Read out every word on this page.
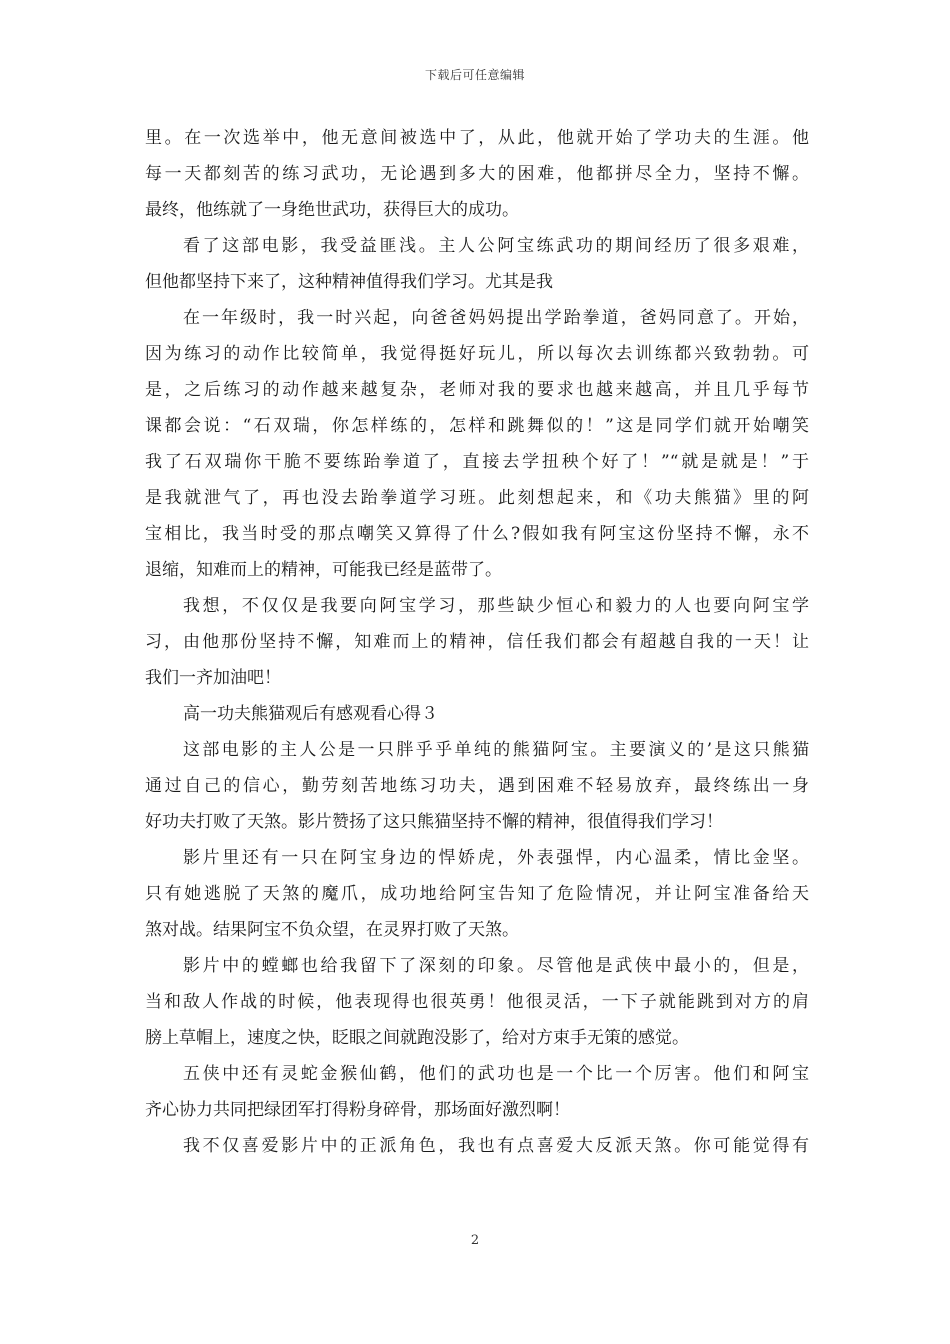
下载后可任意编辑
里。在一次选举中，他无意间被选中了，从此，他就开始了学功夫的生涯。他
每一天都刻苦的练习武功，无论遇到多大的困难，他都拼尽全力，坚持不懈。
最终，他练就了一身绝世武功，获得巨大的成功。
看了这部电影，我受益匪浅。主人公阿宝练武功的期间经历了很多艰难，
但他都坚持下来了，这种精神值得我们学习。尤其是我
在一年级时，我一时兴起，向爸爸妈妈提出学跆拳道，爸妈同意了。开始，
因为练习的动作比较简单，我觉得挺好玩儿，所以每次去训练都兴致勃勃。可
是，之后练习的动作越来越复杂，老师对我的要求也越来越高，并且几乎每节
课都会说：“石双瑞，你怎样练的，怎样和跳舞似的！”这是同学们就开始嘲笑
我了石双瑞你干脆不要练跆拳道了，直接去学扭秧个好了！”“就是就是！”于
是我就泄气了，再也没去跆拳道学习班。此刻想起来，和《功夫熊猫》里的阿
宝相比，我当时受的那点嘲笑又算得了什么?假如我有阿宝这份坚持不懈，永不
退缩，知难而上的精神，可能我已经是蓝带了。
我想，不仅仅是我要向阿宝学习，那些缺少恒心和毅力的人也要向阿宝学
习，由他那份坚持不懈，知难而上的精神，信任我们都会有超越自我的一天！让
我们一齐加油吧！
高一功夫熊猫观后有感观看心得３
这部电影的主人公是一只胖乎乎单纯的熊猫阿宝。主要演义的’是这只熊猫
通过自己的信心，勤劳刻苦地练习功夫，遇到困难不轻易放弃，最终练出一身
好功夫打败了天煞。影片赞扬了这只熊猫坚持不懈的精神，很值得我们学习！
影片里还有一只在阿宝身边的悍娇虎，外表强悍，内心温柔，情比金坚。
只有她逃脱了天煞的魔爪，成功地给阿宝告知了危险情况，并让阿宝准备给天
煞对战。结果阿宝不负众望，在灵界打败了天煞。
影片中的螳螂也给我留下了深刻的印象。尽管他是武侠中最小的，但是，
当和敌人作战的时候，他表现得也很英勇！他很灵活，一下子就能跳到对方的肩
膀上草帽上，速度之快，眨眼之间就跑没影了，给对方束手无策的感觉。
五侠中还有灵蛇金猴仙鹤，他们的武功也是一个比一个厉害。他们和阿宝
齐心协力共同把绿团军打得粉身碎骨，那场面好激烈啊！
我不仅喜爱影片中的正派角色，我也有点喜爱大反派天煞。你可能觉得有
2
